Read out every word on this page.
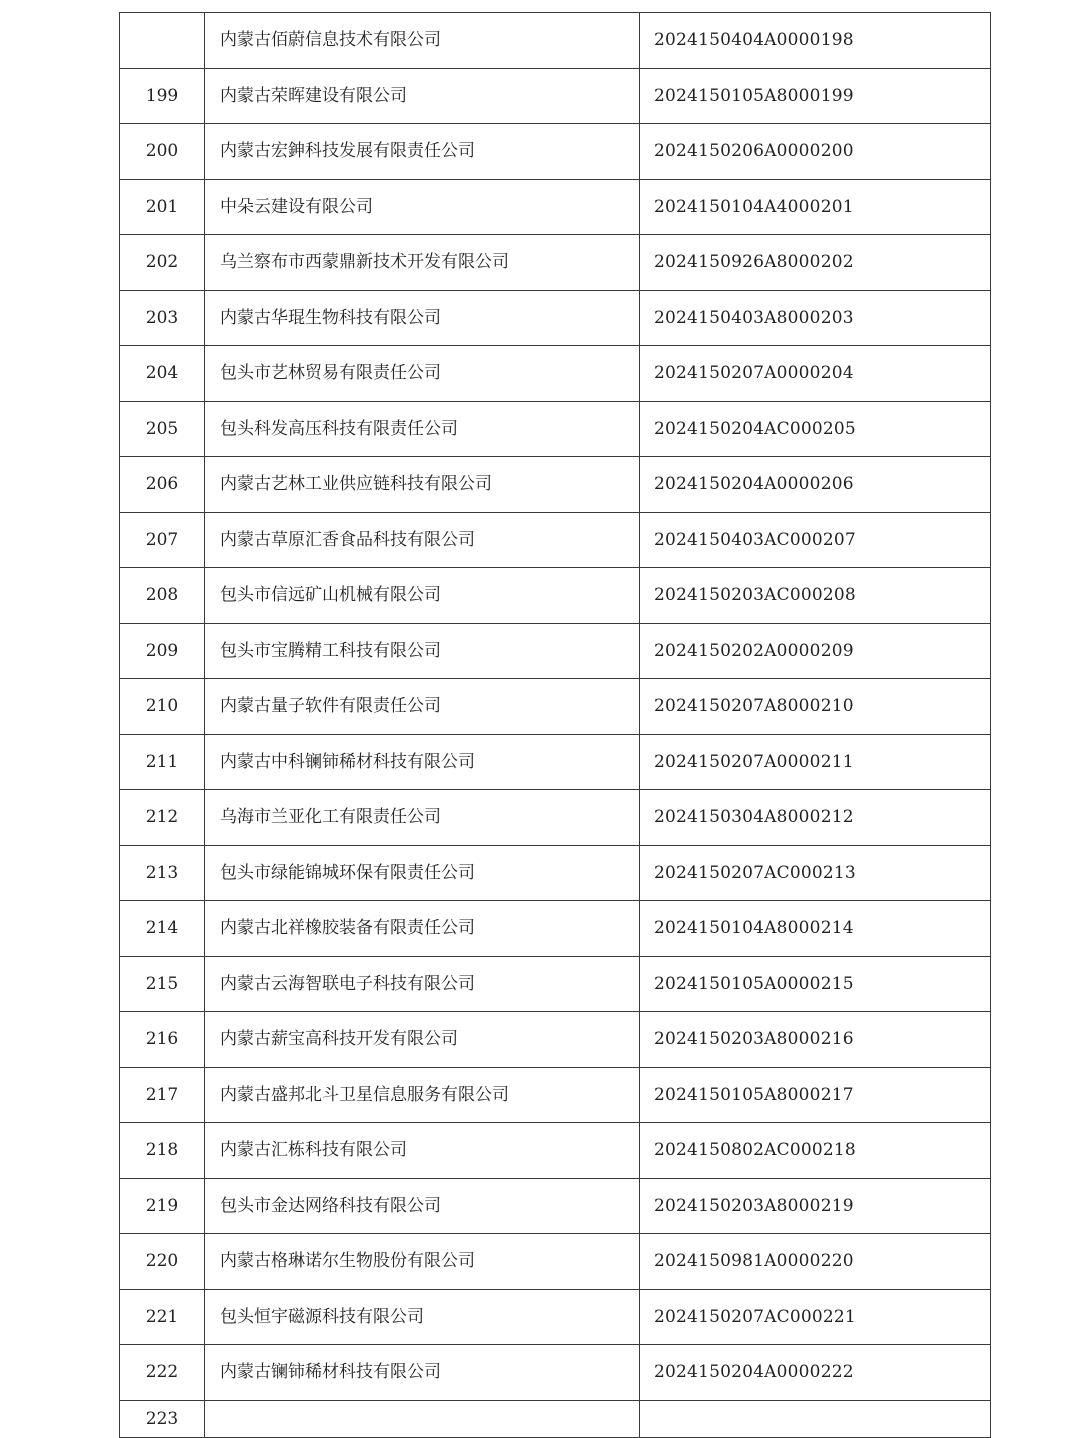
	内蒙古佰蔚信息技术有限公司	2024150404A0000198
199	内蒙古荣晖建设有限公司	2024150105A8000199
200	内蒙古宏鉮科技发展有限责任公司	2024150206A0000200
201	中朵云建设有限公司	2024150104A4000201
202	乌兰察布市西蒙鼎新技术开发有限公司	2024150926A8000202
203	内蒙古华琨生物科技有限公司	2024150403A8000203
204	包头市艺林贸易有限责任公司	2024150207A0000204
205	包头科发高压科技有限责任公司	2024150204AC000205
206	内蒙古艺林工业供应链科技有限公司	2024150204A0000206
207	内蒙古草原汇香食品科技有限公司	2024150403AC000207
208	包头市信远矿山机械有限公司	2024150203AC000208
209	包头市宝腾精工科技有限公司	2024150202A0000209
210	内蒙古量子软件有限责任公司	2024150207A8000210
211	内蒙古中科镧铈稀材科技有限公司	2024150207A0000211
212	乌海市兰亚化工有限责任公司	2024150304A8000212
213	包头市绿能锦城环保有限责任公司	2024150207AC000213
214	内蒙古北祥橡胶装备有限责任公司	2024150104A8000214
215	内蒙古云海智联电子科技有限公司	2024150105A0000215
216	内蒙古薪宝高科技开发有限公司	2024150203A8000216
217	内蒙古盛邦北斗卫星信息服务有限公司	2024150105A8000217
218	内蒙古汇栋科技有限公司	2024150802AC000218
219	包头市金达网络科技有限公司	2024150203A8000219
220	内蒙古格琳诺尔生物股份有限公司	2024150981A0000220
221	包头恒宇磁源科技有限公司	2024150207AC000221
222	内蒙古镧铈稀材科技有限公司	2024150204A0000222
223		
